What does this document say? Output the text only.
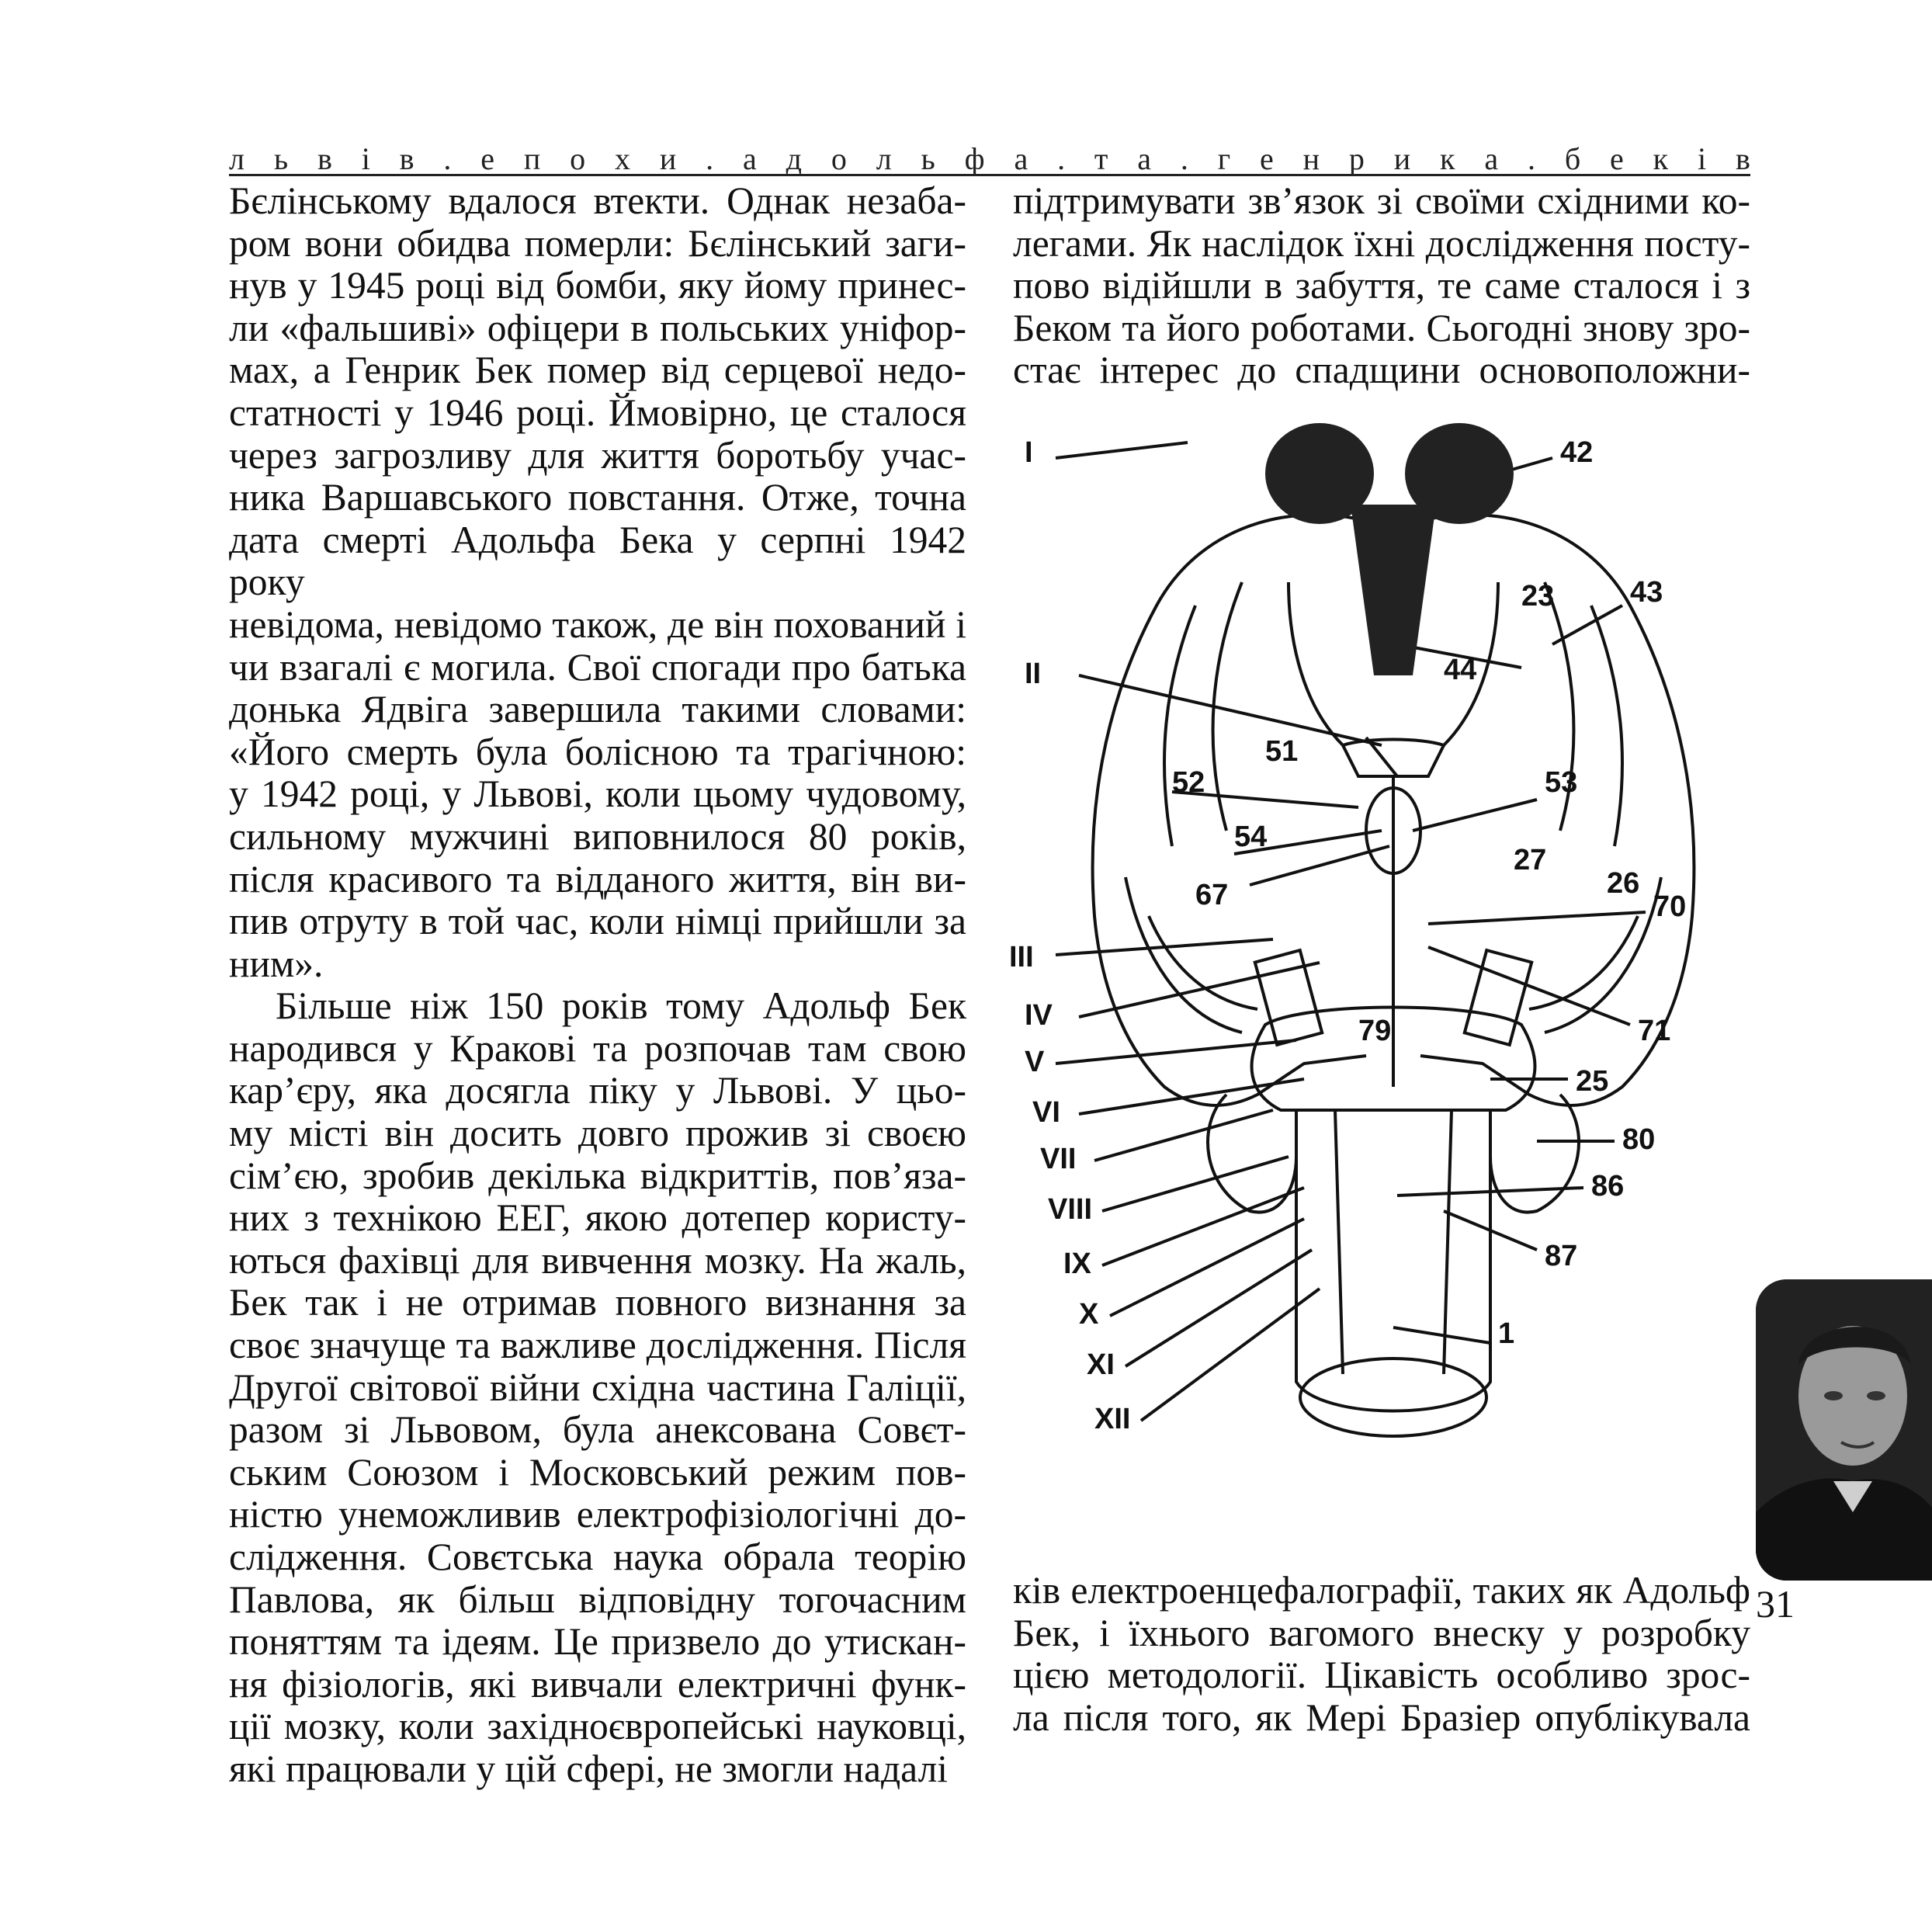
л ь в і в . е п о х и . а д о л ь ф а . т а . г е н р и к а . б е к і в

Бєлінському вдалося втекти. Однак незаба-

ром вони обидва померли: Бєлінський заги-

нув у 1945 році від бомби, яку йому принес-

ли «фальшиві» офіцери в польських уніфор-

мах, а Генрик Бек помер від серцевої недо-

статності у 1946 році. Ймовірно, це сталося

через загрозливу для життя боротьбу учас-

ника Варшавського повстання. Отже, точна

дата смерті Адольфа Бека у серпні 1942 року

невідома, невідомо також, де він похований і

чи взагалі є могила. Свої спогади про батька

донька Ядвіга завершила такими словами:

«Його смерть була болісною та трагічною:

у 1942 році, у Львові, коли цьому чудовому,

сильному мужчині виповнилося 80 років,

після красивого та відданого життя, він ви-

пив отруту в той час, коли німці прийшли за

ним».

Більше ніж 150 років тому Адольф Бек

народився у Кракові та розпочав там свою

кар’єру, яка досягла піку у Львові. У цьо-

му місті він досить довго прожив зі своєю

сім’єю, зробив декілька відкриттів, пов’яза-

них з технікою ЕЕГ, якою дотепер користу-

ються фахівці для вивчення мозку. На жаль,

Бек так і не отримав повного визнання за

своє значуще та важливе дослідження. Після

Другої світової війни східна частина Галіції,

разом зі Львовом, була анексована Совєт-

ським Союзом і Московський режим пов-

ністю унеможливив електрофізіологічні до-

слідження. Совєтська наука обрала теорію

Павлова, як більш відповідну тогочасним

поняттям та ідеям. Це призвело до утискан-

ня фізіологів, які вивчали електричні функ-

ції мозку, коли західноєвропейські науковці,

які працювали у цій сфері, не змогли надалі

підтримувати зв’язок зі своїми східними ко-

легами. Як наслідок їхні дослідження посту-

пово відійшли в забуття, те саме сталося і з

Беком та його роботами. Сьогодні знову зро-

стає інтерес до спадщини основоположни-

ків електроенцефалографії, таких як Адольф

Бек, і їхнього вагомого внеску у розробку

цією методології. Цікавість особливо зрос-

ла після того, як Мері Бразіер опублікувала

I
II
III
IV
V
VI
VII
VIII
IX
X
XI
XII
42
43
23
44
51
52	53
54
67
27
26
70
79	71
25
80
86
87
1
31
